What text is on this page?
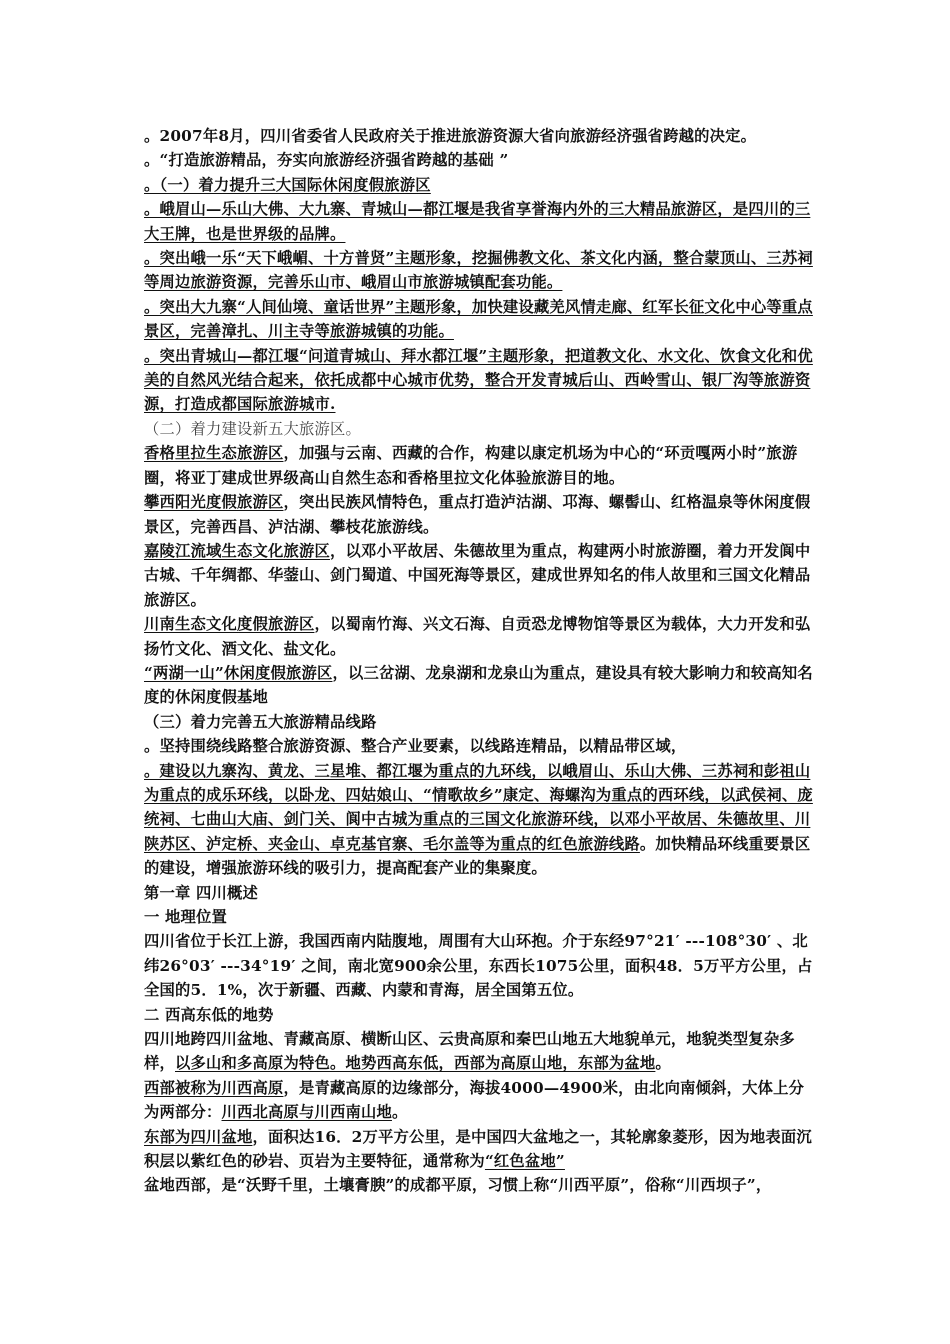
。2007年8月，四川省委省人民政府关于推进旅游资源大省向旅游经济强省跨越的决定。

。“打造旅游精品，夯实向旅游经济强省跨越的基础 ”

。（一）着力提升三大国际休闲度假旅游区

。峨眉山—乐山大佛、大九寨、青城山—都江堰是我省享誉海内外的三大精品旅游区，是四川的三大王牌，也是世界级的品牌。

。突出峨一乐“天下峨嵋、十方普贤”主题形象，挖掘佛教文化、茶文化内涵，整合蒙顶山、三苏祠等周边旅游资源，完善乐山市、峨眉山市旅游城镇配套功能。

。突出大九寨“人间仙境、童话世界”主题形象，加快建设藏羌风情走廊、红军长征文化中心等重点景区，完善漳扎、川主寺等旅游城镇的功能。

。突出青城山—都江堰“问道青城山、拜水都江堰”主题形象，把道教文化、水文化、饮食文化和优美的自然风光结合起来，依托成都中心城市优势，整合开发青城后山、西岭雪山、银厂沟等旅游资源，打造成都国际旅游城市.

（二）着力建设新五大旅游区。

香格里拉生态旅游区，加强与云南、西藏的合作，构建以康定机场为中心的“环贡嘎两小时”旅游圈，将亚丁建成世界级高山自然生态和香格里拉文化体验旅游目的地。

攀西阳光度假旅游区，突出民族风情特色，重点打造泸沽湖、邛海、螺髻山、红格温泉等休闲度假景区，完善西昌、泸沽湖、攀枝花旅游线。

嘉陵江流域生态文化旅游区，以邓小平故居、朱德故里为重点，构建两小时旅游圈，着力开发阆中古城、千年绸都、华蓥山、剑门蜀道、中国死海等景区，建成世界知名的伟人故里和三国文化精品旅游区。

川南生态文化度假旅游区，以蜀南竹海、兴文石海、自贡恐龙博物馆等景区为载体，大力开发和弘扬竹文化、酒文化、盐文化。

“两湖一山”休闲度假旅游区，以三岔湖、龙泉湖和龙泉山为重点，建设具有较大影响力和较高知名度的休闲度假基地

（三）着力完善五大旅游精品线路

。坚持围绕线路整合旅游资源、整合产业要素，以线路连精品，以精品带区域，

。建设以九寨沟、黄龙、三星堆、都江堰为重点的九环线，以峨眉山、乐山大佛、三苏祠和彭祖山为重点的成乐环线，以卧龙、四姑娘山、“情歌故乡”康定、海螺沟为重点的西环线，以武侯祠、庞统祠、七曲山大庙、剑门关、阆中古城为重点的三国文化旅游环线，以邓小平故居、朱德故里、川陕苏区、泸定桥、夹金山、卓克基官寨、毛尔盖等为重点的红色旅游线路。加快精品环线重要景区的建设，增强旅游环线的吸引力，提高配套产业的集聚度。

第一章 四川概述

一 地理位置

四川省位于长江上游，我国西南内陆腹地，周围有大山环抱。介于东经97°21′ ---108°30′ 、北纬26°03′ ---34°19′ 之间，南北宽900余公里，东西长1075公里，面积48．5万平方公里，占全国的5．1%，次于新疆、西藏、内蒙和青海，居全国第五位。

二 西高东低的地势

四川地跨四川盆地、青藏高原、横断山区、云贵高原和秦巴山地五大地貌单元，地貌类型复杂多样，以多山和多高原为特色。地势西高东低，西部为高原山地，东部为盆地。

西部被称为川西高原，是青藏高原的边缘部分，海拔4000—4900米，由北向南倾斜，大体上分为两部分：川西北高原与川西南山地。

东部为四川盆地，面积达16．2万平方公里，是中国四大盆地之一，其轮廓象菱形，因为地表面沉积层以紫红色的砂岩、页岩为主要特征，通常称为“红色盆地”

盆地西部，是“沃野千里，土壤膏腴”的成都平原，习惯上称“川西平原”，俗称“川西坝子”，
